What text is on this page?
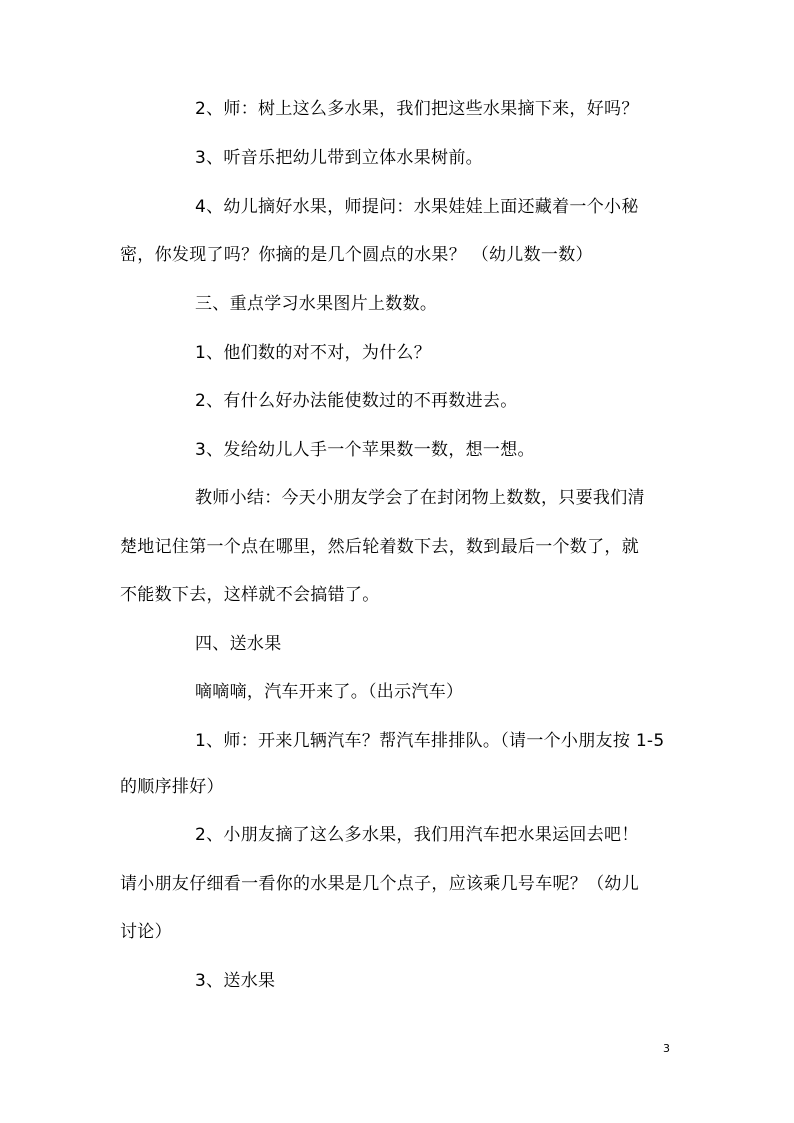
2、师：树上这么多水果，我们把这些水果摘下来，好吗？
3、听音乐把幼儿带到立体水果树前。
4、幼儿摘好水果，师提问：水果娃娃上面还藏着一个小秘
密，你发现了吗？你摘的是几个圆点的水果？ （幼儿数一数）
三、重点学习水果图片上数数。
1、他们数的对不对，为什么？
2、有什么好办法能使数过的不再数进去。
3、发给幼儿人手一个苹果数一数，想一想。
教师小结：今天小朋友学会了在封闭物上数数，只要我们清
楚地记住第一个点在哪里，然后轮着数下去，数到最后一个数了，就
不能数下去，这样就不会搞错了。
四、送水果
嘀嘀嘀，汽车开来了。（出示汽车）
1、师：开来几辆汽车？帮汽车排排队。（请一个小朋友按 1-5
的顺序排好）
2、小朋友摘了这么多水果，我们用汽车把水果运回去吧！
请小朋友仔细看一看你的水果是几个点子，应该乘几号车呢？（幼儿
讨论）
3、送水果
3
